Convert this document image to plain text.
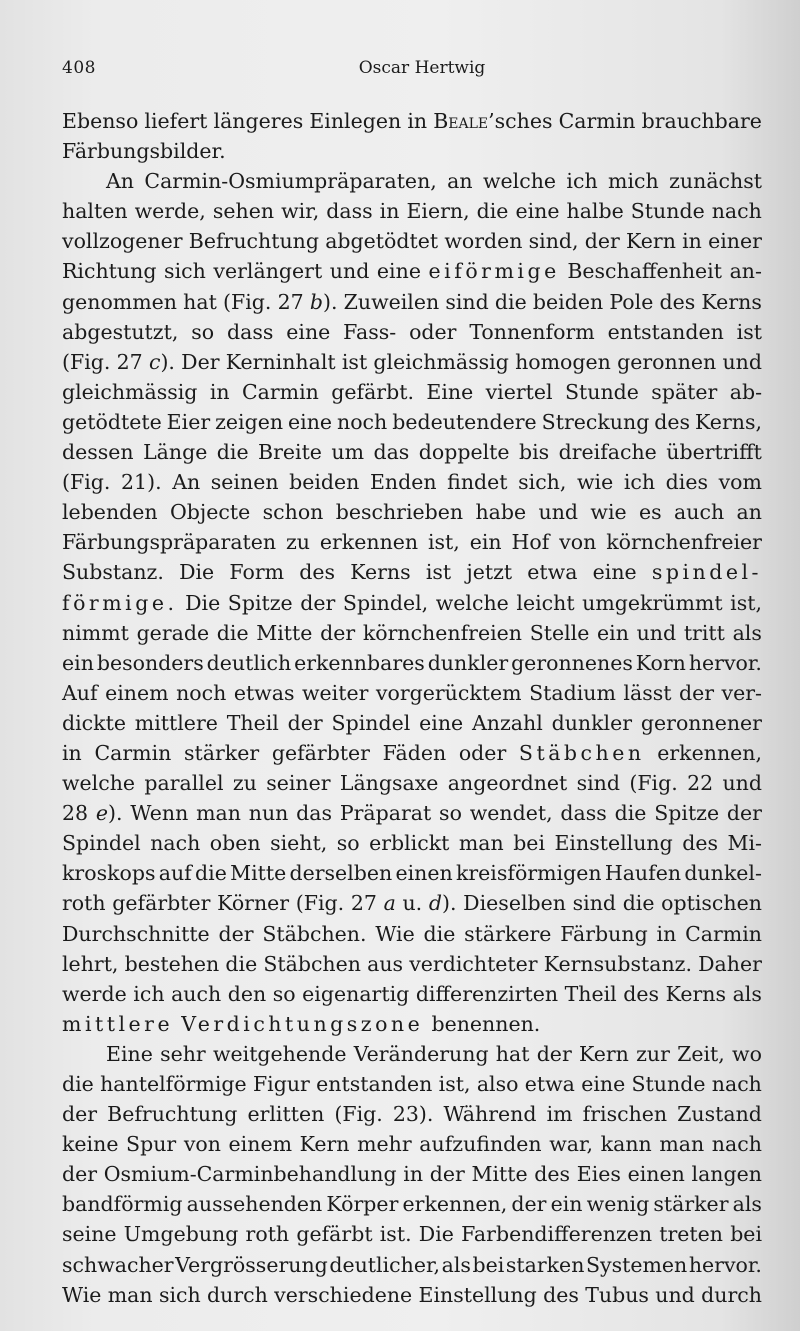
408	Oscar Hertwig
Ebenso liefert längeres Einlegen in Beale’sches Carmin brauchbare
Färbungsbilder.
An Carmin-Osmiumpräparaten, an welche ich mich zunächst
halten werde, sehen wir, dass in Eiern, die eine halbe Stunde nach
vollzogener Befruchtung abgetödtet worden sind, der Kern in einer
Richtung sich verlängert und eine eiförmige Beschaffenheit an-
genommen hat (Fig. 27 b). Zuweilen sind die beiden Pole des Kerns
abgestutzt, so dass eine Fass- oder Tonnenform entstanden ist
(Fig. 27 c). Der Kerninhalt ist gleichmässig homogen geronnen und
gleichmässig in Carmin gefärbt. Eine viertel Stunde später ab-
getödtete Eier zeigen eine noch bedeutendere Streckung des Kerns,
dessen Länge die Breite um das doppelte bis dreifache übertrifft
(Fig. 21). An seinen beiden Enden findet sich, wie ich dies vom
lebenden Objecte schon beschrieben habe und wie es auch an
Färbungspräparaten zu erkennen ist, ein Hof von körnchenfreier
Substanz. Die Form des Kerns ist jetzt etwa eine spindel-
förmige. Die Spitze der Spindel, welche leicht umgekrümmt ist,
nimmt gerade die Mitte der körnchenfreien Stelle ein und tritt als
ein besonders deutlich erkennbares dunkler geronnenes Korn hervor.
Auf einem noch etwas weiter vorgerücktem Stadium lässt der ver-
dickte mittlere Theil der Spindel eine Anzahl dunkler geronnener
in Carmin stärker gefärbter Fäden oder Stäbchen erkennen,
welche parallel zu seiner Längsaxe angeordnet sind (Fig. 22 und
28 e). Wenn man nun das Präparat so wendet, dass die Spitze der
Spindel nach oben sieht, so erblickt man bei Einstellung des Mi-
kroskops auf die Mitte derselben einen kreisförmigen Haufen dunkel-
roth gefärbter Körner (Fig. 27 a u. d). Dieselben sind die optischen
Durchschnitte der Stäbchen. Wie die stärkere Färbung in Carmin
lehrt, bestehen die Stäbchen aus verdichteter Kernsubstanz. Daher
werde ich auch den so eigenartig differenzirten Theil des Kerns als
mittlere Verdichtungszone benennen.
Eine sehr weitgehende Veränderung hat der Kern zur Zeit, wo
die hantelförmige Figur entstanden ist, also etwa eine Stunde nach
der Befruchtung erlitten (Fig. 23). Während im frischen Zustand
keine Spur von einem Kern mehr aufzufinden war, kann man nach
der Osmium-Carminbehandlung in der Mitte des Eies einen langen
bandförmig aussehenden Körper erkennen, der ein wenig stärker als
seine Umgebung roth gefärbt ist. Die Farbendifferenzen treten bei
schwacher Vergrösserung deutlicher, als bei starken Systemen hervor.
Wie man sich durch verschiedene Einstellung des Tubus und durch
